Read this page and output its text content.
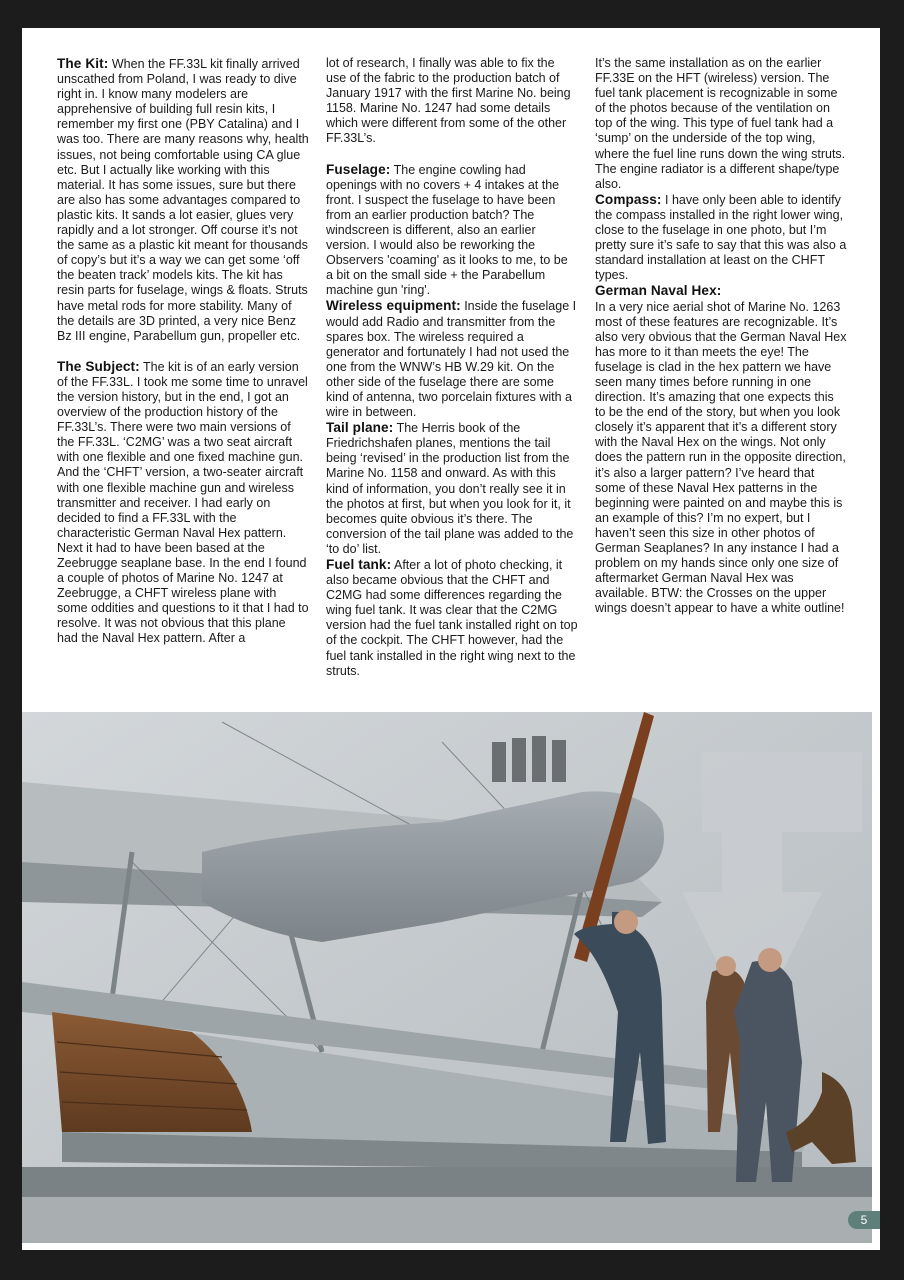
The Kit: When the FF.33L kit finally arrived unscathed from Poland, I was ready to dive right in. I know many modelers are apprehensive of building full resin kits, I remember my first one (PBY Catalina) and I was too. There are many reasons why, health issues, not being comfortable using CA glue etc. But I actually like working with this material. It has some issues, sure but there are also has some advantages compared to plastic kits. It sands a lot easier, glues very rapidly and a lot stronger. Off course it’s not the same as a plastic kit meant for thousands of copy’s but it’s a way we can get some ‘off the beaten track’ models kits. The kit has resin parts for fuselage, wings & floats. Struts have metal rods for more stability. Many of the details are 3D printed, a very nice Benz Bz III engine, Parabellum gun, propeller etc.

The Subject: The kit is of an early version of the FF.33L. I took me some time to unravel the version history, but in the end, I got an overview of the production history of the FF.33L’s. There were two main versions of the FF.33L. ‘C2MG’ was a two seat aircraft with one flexible and one fixed machine gun. And the ‘CHFT’ version, a two-seater aircraft with one flexible machine gun and wireless transmitter and receiver. I had early on decided to find a FF.33L with the characteristic German Naval Hex pattern. Next it had to have been based at the Zeebrugge seaplane base. In the end I found a couple of photos of Marine No. 1247 at Zeebrugge, a CHFT wireless plane with some oddities and questions to it that I had to resolve. It was not obvious that this plane had the Naval Hex pattern. After a

lot of research, I finally was able to fix the use of the fabric to the production batch of January 1917 with the first Marine No. being 1158. Marine No. 1247 had some details which were different from some of the other FF.33L’s.

Fuselage: The engine cowling had openings with no covers + 4 intakes at the front. I suspect the fuselage to have been from an earlier production batch? The windscreen is different, also an earlier version. I would also be reworking the Observers 'coaming' as it looks to me, to be a bit on the small side + the Parabellum machine gun 'ring'.

Wireless equipment: Inside the fuselage I would add Radio and transmitter from the spares box. The wireless required a generator and fortunately I had not used the one from the WNW’s HB W.29 kit. On the other side of the fuselage there are some kind of antenna, two porcelain fixtures with a wire in between.

Tail plane: The Herris book of the Friedrichshafen planes, mentions the tail being ‘revised’ in the production list from the Marine No. 1158 and onward. As with this kind of information, you don’t really see it in the photos at first, but when you look for it, it becomes quite obvious it’s there. The conversion of the tail plane was added to the ‘to do’ list.

Fuel tank: After a lot of photo checking, it also became obvious that the CHFT and C2MG had some differences regarding the wing fuel tank. It was clear that the C2MG version had the fuel tank installed right on top of the cockpit. The CHFT however, had the fuel tank installed in the right wing next to the struts.

It’s the same installation as on the earlier FF.33E on the HFT (wireless) version. The fuel tank placement is recognizable in some of the photos because of the ventilation on top of the wing. This type of fuel tank had a ‘sump’ on the underside of the top wing, where the fuel line runs down the wing struts. The engine radiator is a different shape/type also.

Compass: I have only been able to identify the compass installed in the right lower wing, close to the fuselage in one photo, but I’m pretty sure it’s safe to say that this was also a standard installation at least on the CHFT types.

German Naval Hex:

In a very nice aerial shot of Marine No. 1263 most of these features are recognizable. It’s also very obvious that the German Naval Hex has more to it than meets the eye! The fuselage is clad in the hex pattern we have seen many times before running in one direction. It’s amazing that one expects this to be the end of the story, but when you look closely it’s apparent that it’s a different story with the Naval Hex on the wings. Not only does the pattern run in the opposite direction, it’s also a larger pattern? I’ve heard that some of these Naval Hex patterns in the beginning were painted on and maybe this is an example of this? I’m no expert, but I haven’t seen this size in other photos of German Seaplanes? In any instance I had a problem on my hands since only one size of aftermarket German Naval Hex was available. BTW: the Crosses on the upper wings doesn’t appear to have a white outline!

5
